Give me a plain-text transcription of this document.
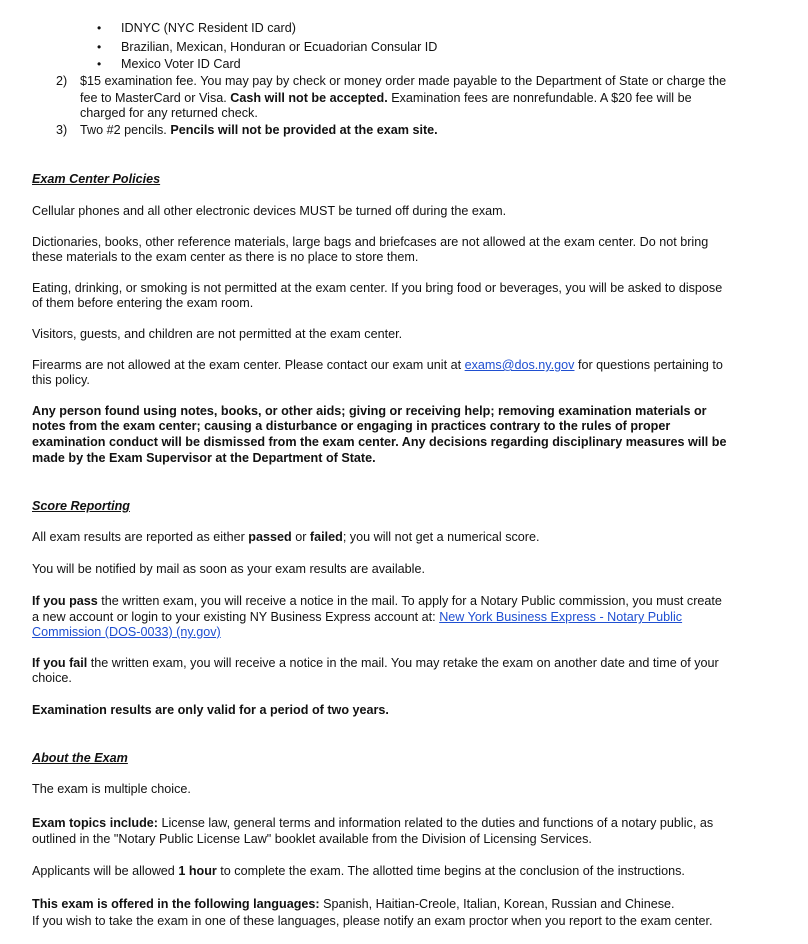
• IDNYC (NYC Resident ID card)
• Brazilian, Mexican, Honduran or Ecuadorian Consular ID
• Mexico Voter ID Card
2) $15 examination fee. You may pay by check or money order made payable to the Department of State or charge the
fee to MasterCard or Visa. Cash will not be accepted. Examination fees are nonrefundable. A $20 fee will be
charged for any returned check.
3) Two #2 pencils. Pencils will not be provided at the exam site.
Exam Center Policies
Cellular phones and all other electronic devices MUST be turned off during the exam.
Dictionaries, books, other reference materials, large bags and briefcases are not allowed at the exam center. Do not bring
these materials to the exam center as there is no place to store them.
Eating, drinking, or smoking is not permitted at the exam center. If you bring food or beverages, you will be asked to dispose
of them before entering the exam room.
Visitors, guests, and children are not permitted at the exam center.
Firearms are not allowed at the exam center. Please contact our exam unit at exams@dos.ny.gov for questions pertaining to
this policy.
Any person found using notes, books, or other aids; giving or receiving help; removing examination materials or
notes from the exam center; causing a disturbance or engaging in practices contrary to the rules of proper
examination conduct will be dismissed from the exam center. Any decisions regarding disciplinary measures will be
made by the Exam Supervisor at the Department of State.
Score Reporting
All exam results are reported as either passed or failed; you will not get a numerical score.
You will be notified by mail as soon as your exam results are available.
If you pass the written exam, you will receive a notice in the mail. To apply for a Notary Public commission, you must create
a new account or login to your existing NY Business Express account at: New York Business Express - Notary Public
Commission (DOS-0033) (ny.gov)
If you fail the written exam, you will receive a notice in the mail. You may retake the exam on another date and time of your
choice.
Examination results are only valid for a period of two years.
About the Exam
The exam is multiple choice.
Exam topics include: License law, general terms and information related to the duties and functions of a notary public, as
outlined in the "Notary Public License Law" booklet available from the Division of Licensing Services.
Applicants will be allowed 1 hour to complete the exam. The allotted time begins at the conclusion of the instructions.
This exam is offered in the following languages: Spanish, Haitian-Creole, Italian, Korean, Russian and Chinese.
If you wish to take the exam in one of these languages, please notify an exam proctor when you report to the exam center.
